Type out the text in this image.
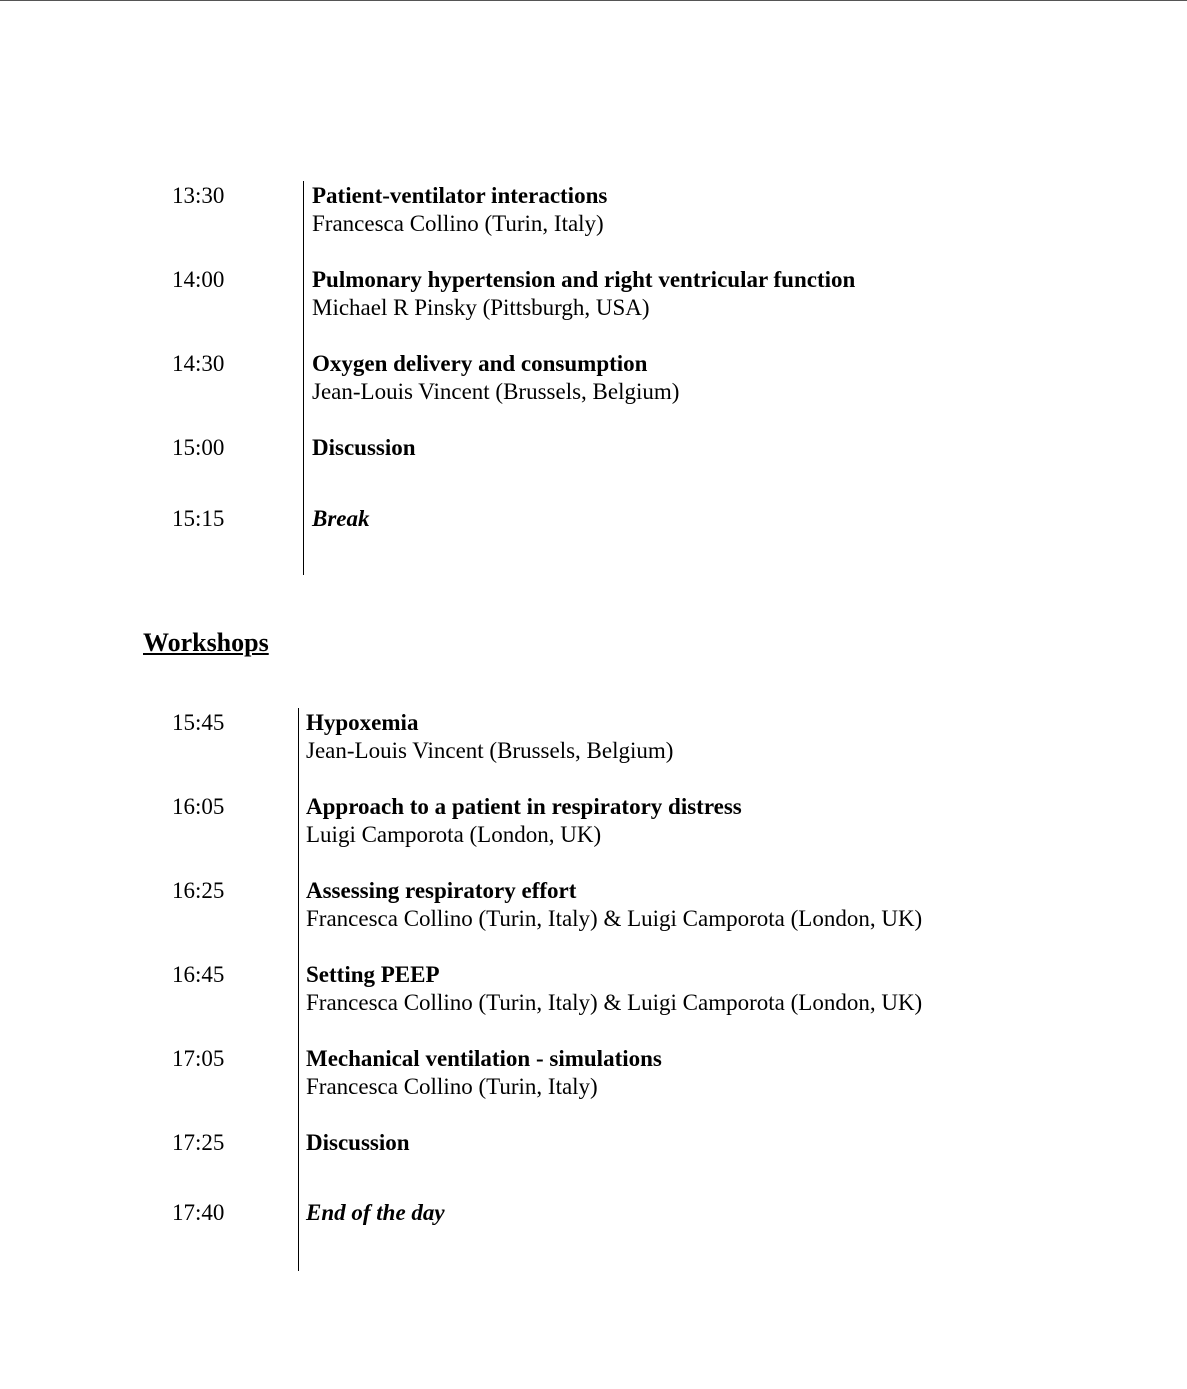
13:30	Patient-ventilator interactions
Francesca Collino (Turin, Italy)
14:00	Pulmonary hypertension and right ventricular function
Michael R Pinsky (Pittsburgh, USA)
14:30	Oxygen delivery and consumption
Jean-Louis Vincent (Brussels, Belgium)
15:00	Discussion
15:15	Break
Workshops
15:45	Hypoxemia
Jean-Louis Vincent (Brussels, Belgium)
16:05	Approach to a patient in respiratory distress
Luigi Camporota (London, UK)
16:25	Assessing respiratory effort
Francesca Collino (Turin, Italy) & Luigi Camporota (London, UK)
16:45	Setting PEEP
Francesca Collino (Turin, Italy) & Luigi Camporota (London, UK)
17:05	Mechanical ventilation - simulations
Francesca Collino (Turin, Italy)
17:25	Discussion
17:40	End of the day
